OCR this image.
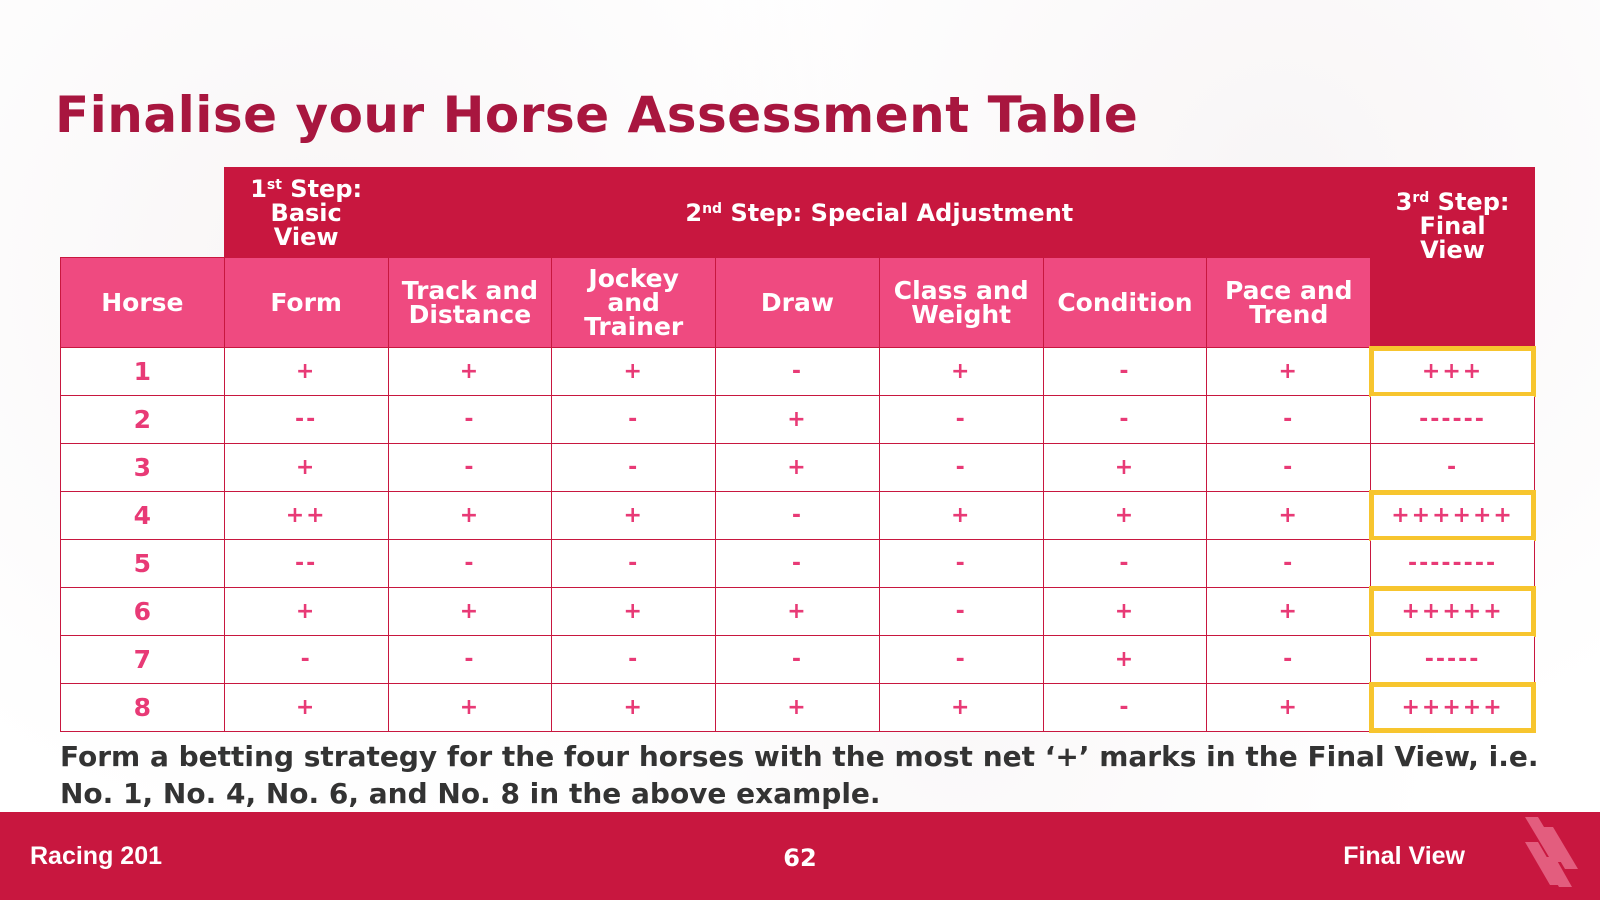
Finalise your Horse Assessment Table
	1st Step:
Basic
View	2nd Step: Special Adjustment						3rd Step:
Final
View
Horse	Form	Track and
Distance	Jockey
and
Trainer	Draw	Class and
Weight	Condition	Pace and
Trend	
1	+	+	+	-	+	-	+	+++
2	--	-	-	+	-	-	-	------
3	+	-	-	+	-	+	-	-
4	++	+	+	-	+	+	+	++++++
5	--	-	-	-	-	-	-	--------
6	+	+	+	+	-	+	+	+++++
7	-	-	-	-	-	+	-	-----
8	+	+	+	+	+	-	+	+++++

Form a betting strategy for the four horses with the most net ‘+’ marks in the Final View, i.e.
No. 1, No. 4, No. 6, and No. 8 in the above example.

Racing 201	62	Final View
